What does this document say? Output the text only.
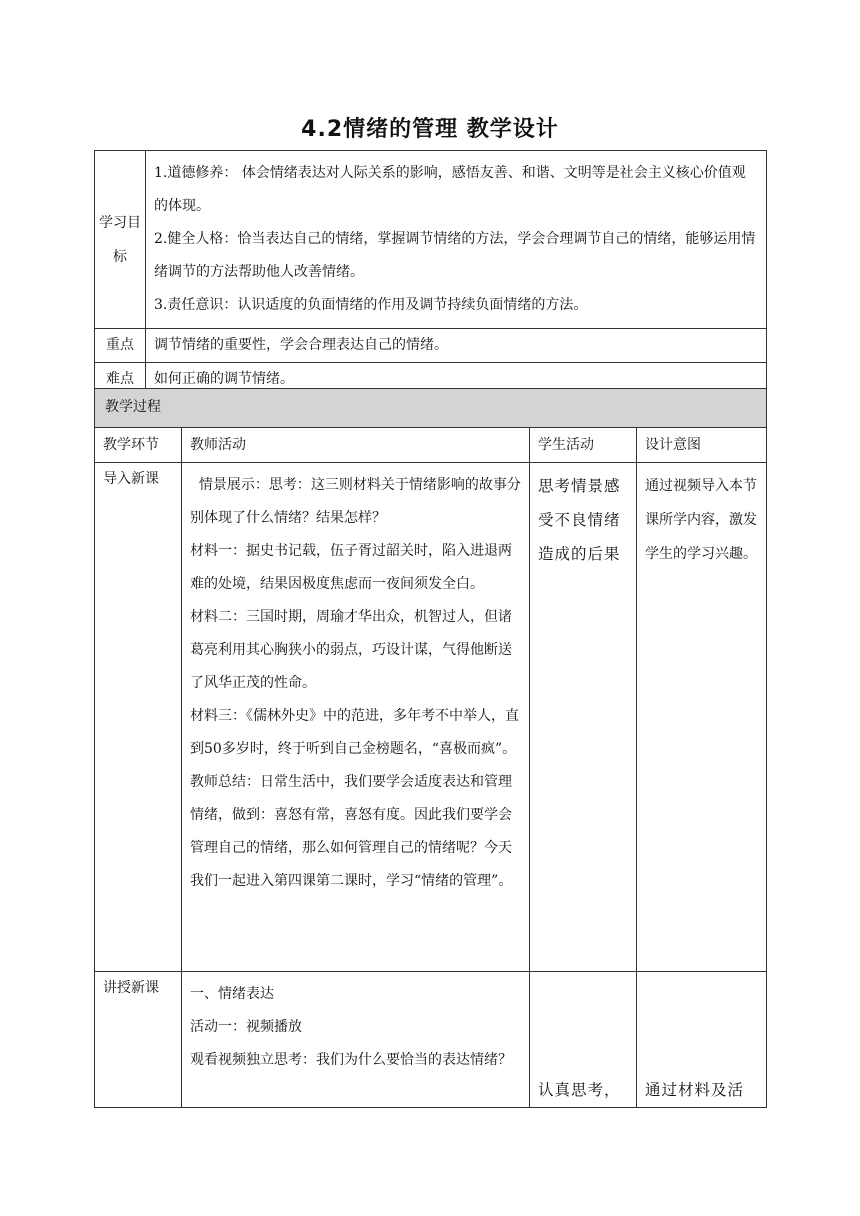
4.2情绪的管理 教学设计
学习目标	1.道德修养： 体会情绪表达对人际关系的影响，感悟友善、和谐、文明等是社会主义核心价值观的体现。

2.健全人格：恰当表达自己的情绪，掌握调节情绪的方法，学会合理调节自己的情绪，能够运用情绪调节的方法帮助他人改善情绪。

3.责任意识：认识适度的负面情绪的作用及调节持续负面情绪的方法。

重点	调节情绪的重要性，学会合理表达自己的情绪。
难点	如何正确的调节情绪。
教学过程			
教学环节	教师活动	学生活动	设计意图
导入新课	情景展示：思考：这三则材料关于情绪影响的故事分别体现了什么情绪？结果怎样？

材料一：据史书记载，伍子胥过韶关时，陷入进退两难的处境，结果因极度焦虑而一夜间须发全白。

材料二：三国时期，周瑜才华出众，机智过人，但诸葛亮利用其心胸狭小的弱点，巧设计谋，气得他断送了风华正茂的性命。

材料三：《儒林外史》中的范进，多年考不中举人，直到50多岁时，终于听到自己金榜题名，“喜极而疯”。

教师总结：日常生活中，我们要学会适度表达和管理情绪，做到：喜怒有常，喜怒有度。因此我们要学会管理自己的情绪，那么如何管理自己的情绪呢？今天我们一起进入第四课第二课时，学习“情绪的管理”。	思考情景感受不良情绪造成的后果	通过视频导入本节课所学内容，激发学生的学习兴趣。
讲授新课	一、情绪表达

活动一：视频播放

观看视频独立思考：我们为什么要恰当的表达情绪？	认真思考，	通过材料及活
